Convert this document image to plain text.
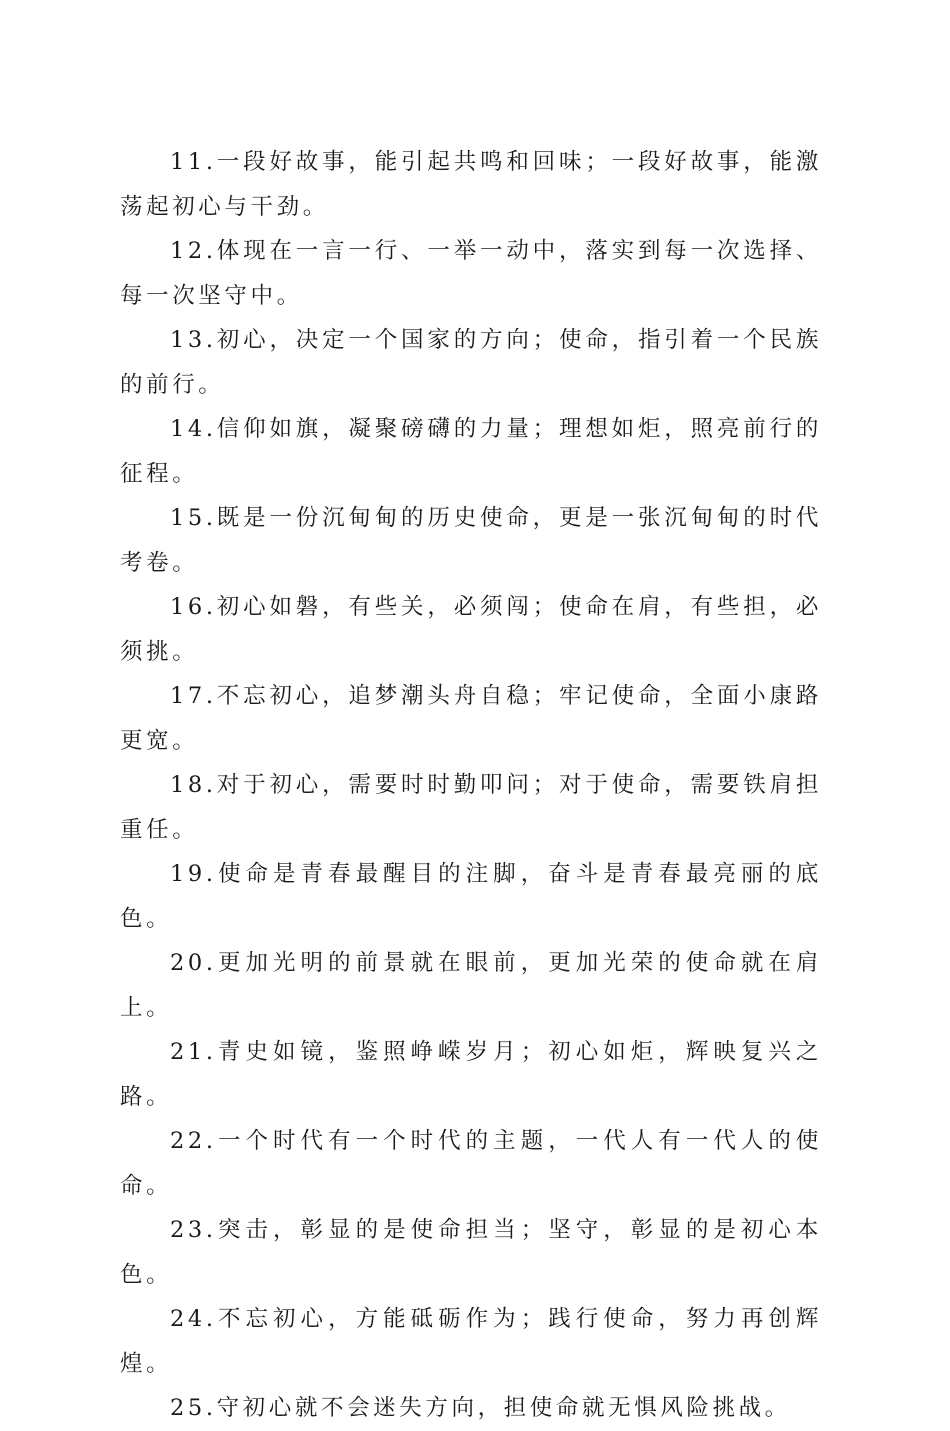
11.一段好故事，能引起共鸣和回味；一段好故事，能激荡起初心与干劲。

12.体现在一言一行、一举一动中，落实到每一次选择、每一次坚守中。

13.初心，决定一个国家的方向；使命，指引着一个民族的前行。

14.信仰如旗，凝聚磅礴的力量；理想如炬，照亮前行的征程。

15.既是一份沉甸甸的历史使命，更是一张沉甸甸的时代考卷。

16.初心如磐，有些关，必须闯；使命在肩，有些担，必须挑。

17.不忘初心，追梦潮头舟自稳；牢记使命，全面小康路更宽。

18.对于初心，需要时时勤叩问；对于使命，需要铁肩担重任。

19.使命是青春最醒目的注脚，奋斗是青春最亮丽的底色。

20.更加光明的前景就在眼前，更加光荣的使命就在肩上。

21.青史如镜，鉴照峥嵘岁月；初心如炬，辉映复兴之路。

22.一个时代有一个时代的主题，一代人有一代人的使命。

23.突击，彰显的是使命担当；坚守，彰显的是初心本色。

24.不忘初心，方能砥砺作为；践行使命，努力再创辉煌。

25.守初心就不会迷失方向，担使命就无惧风险挑战。
